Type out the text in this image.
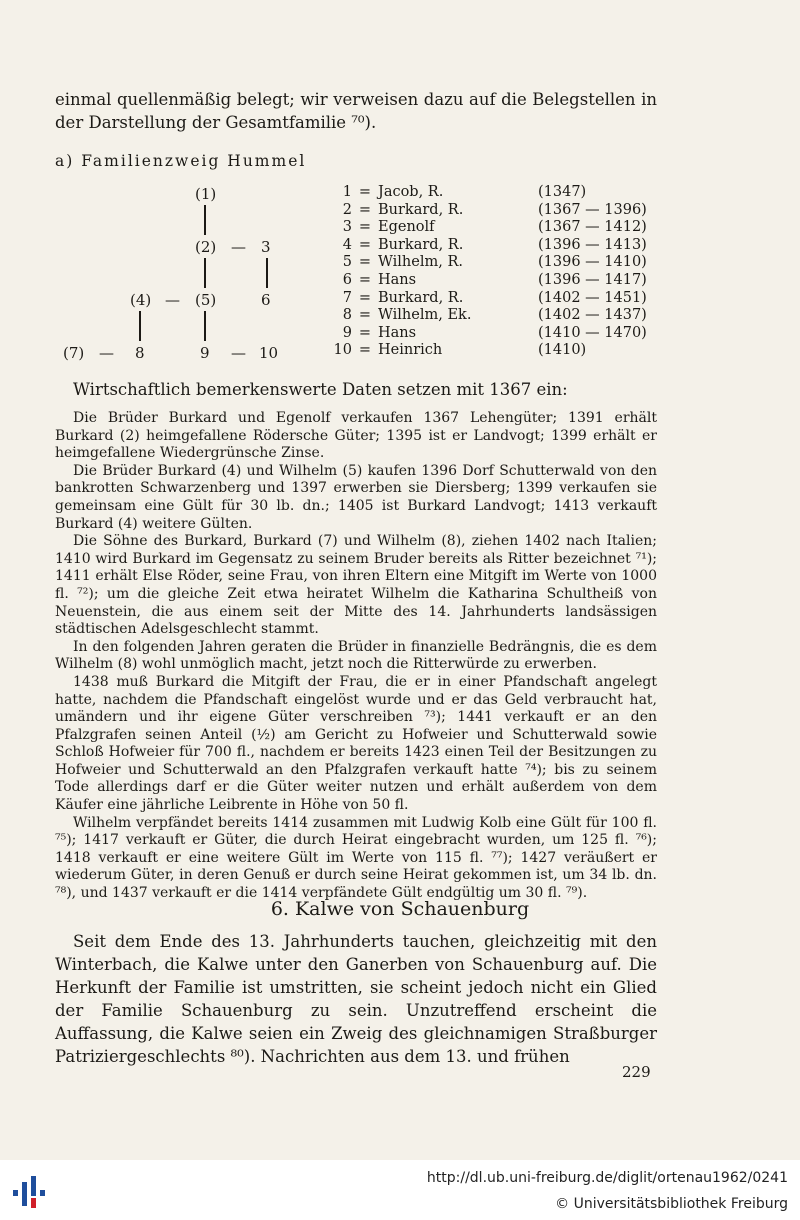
einmal quellenmäßig belegt; wir verweisen dazu auf die Belegstellen in der Darstellung der Gesamtfamilie ⁷⁰).

a) Familienzweig Hummel
(1)
(2) — 3
(4) — (5)	6
(7) — 8	9 — 10
1 = Jacob, R.	(1347)
2 = Burkard, R.	(1367 — 1396)
3 = Egenolf	(1367 — 1412)
4 = Burkard, R.	(1396 — 1413)
5 = Wilhelm, R.	(1396 — 1410)
6 = Hans	(1396 — 1417)
7 = Burkard, R.	(1402 — 1451)
8 = Wilhelm, Ek.	(1402 — 1437)
9 = Hans	(1410 — 1470)
10 = Heinrich	(1410)

Wirtschaftlich bemerkenswerte Daten setzen mit 1367 ein:

Die Brüder Burkard und Egenolf verkaufen 1367 Lehengüter; 1391 erhält Burkard (2) heimgefallene Rödersche Güter; 1395 ist er Landvogt; 1399 erhält er heimgefallene Wiedergrünsche Zinse.

Die Brüder Burkard (4) und Wilhelm (5) kaufen 1396 Dorf Schutterwald von den bankrotten Schwarzenberg und 1397 erwerben sie Diersberg; 1399 verkaufen sie gemeinsam eine Gült für 30 lb. dn.; 1405 ist Burkard Landvogt; 1413 verkauft Burkard (4) weitere Gülten.

Die Söhne des Burkard, Burkard (7) und Wilhelm (8), ziehen 1402 nach Italien; 1410 wird Burkard im Gegensatz zu seinem Bruder bereits als Ritter bezeichnet ⁷¹); 1411 erhält Else Röder, seine Frau, von ihren Eltern eine Mitgift im Werte von 1000 fl. ⁷²); um die gleiche Zeit etwa heiratet Wilhelm die Katharina Schultheiß von Neuenstein, die aus einem seit der Mitte des 14. Jahrhunderts landsässigen städtischen Adelsgeschlecht stammt.

In den folgenden Jahren geraten die Brüder in finanzielle Bedrängnis, die es dem Wilhelm (8) wohl unmöglich macht, jetzt noch die Ritterwürde zu erwerben.

1438 muß Burkard die Mitgift der Frau, die er in einer Pfandschaft angelegt hatte, nachdem die Pfandschaft eingelöst wurde und er das Geld verbraucht hat, umändern und ihr eigene Güter verschreiben ⁷³); 1441 verkauft er an den Pfalzgrafen seinen Anteil (½) am Gericht zu Hofweier und Schutterwald sowie Schloß Hofweier für 700 fl., nachdem er bereits 1423 einen Teil der Besitzungen zu Hofweier und Schutterwald an den Pfalzgrafen verkauft hatte ⁷⁴); bis zu seinem Tode allerdings darf er die Güter weiter nutzen und erhält außerdem von dem Käufer eine jährliche Leibrente in Höhe von 50 fl.

Wilhelm verpfändet bereits 1414 zusammen mit Ludwig Kolb eine Gült für 100 fl. ⁷⁵); 1417 verkauft er Güter, die durch Heirat eingebracht wurden, um 125 fl. ⁷⁶); 1418 verkauft er eine weitere Gült im Werte von 115 fl. ⁷⁷); 1427 veräußert er wiederum Güter, in deren Genuß er durch seine Heirat gekommen ist, um 34 lb. dn. ⁷⁸), und 1437 verkauft er die 1414 verpfändete Gült endgültig um 30 fl. ⁷⁹).

6. Kalwe von Schauenburg

Seit dem Ende des 13. Jahrhunderts tauchen, gleichzeitig mit den Winterbach, die Kalwe unter den Ganerben von Schauenburg auf. Die Herkunft der Familie ist umstritten, sie scheint jedoch nicht ein Glied der Familie Schauenburg zu sein. Unzutreffend erscheint die Auffassung, die Kalwe seien ein Zweig des gleichnamigen Straßburger Patriziergeschlechts ⁸⁰). Nachrichten aus dem 13. und frühen

229
http://dl.ub.uni-freiburg.de/diglit/ortenau1962/0241
© Universitätsbibliothek Freiburg
